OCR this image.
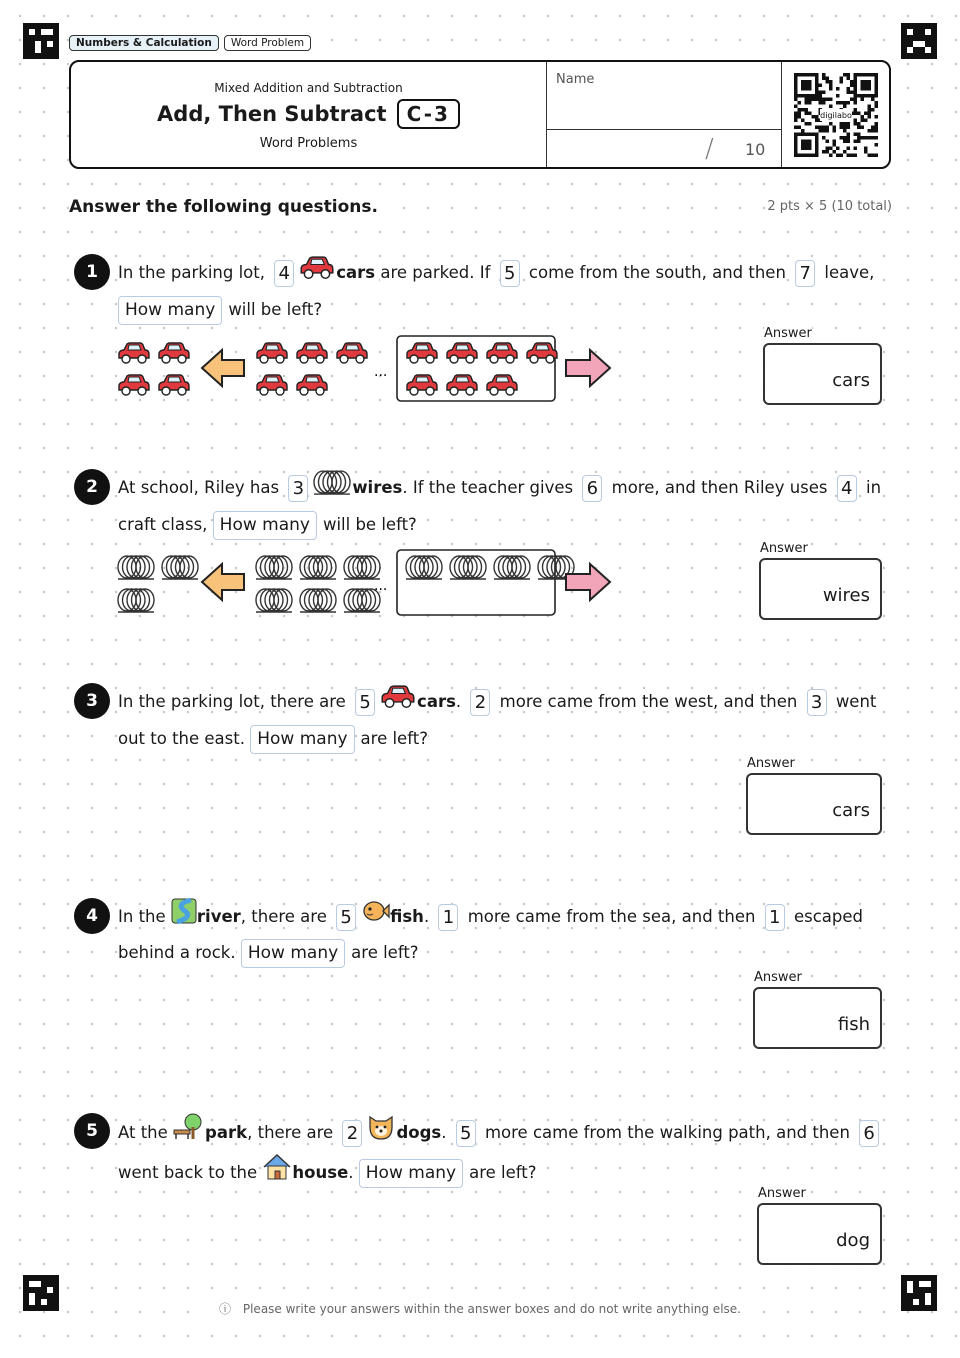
Numbers & Calculation	Word Problem
Mixed Addition and Subtraction
Add, Then Subtract	C-3
Word Problems
Name
/ 10
digilabo
Answer the following questions.	2 pts × 5 (10 total)
1	In the parking lot, 4	cars are parked. If 5 come from the south, and then 7 leave,
How many will be left?
...
Answer
cars
2	At school, Riley has 3	wires. If the teacher gives 6 more, and then Riley uses 4 in craft class, How many will be left?
...
Answer
wires
3	In the parking lot, there are 5	cars. 2 more came from the west, and then 3 went out to the east. How many are left?
Answer
cars
4	In the river, there are 5 fish. 1 more came from the sea, and then 1 escaped behind a rock. How many are left?
Answer
fish
5	At the park, there are 2 dogs. 5 more came from the walking path, and then 6 went back to the house. How many are left?
Answer
dog
ⓘ Please write your answers within the answer boxes and do not write anything else.
